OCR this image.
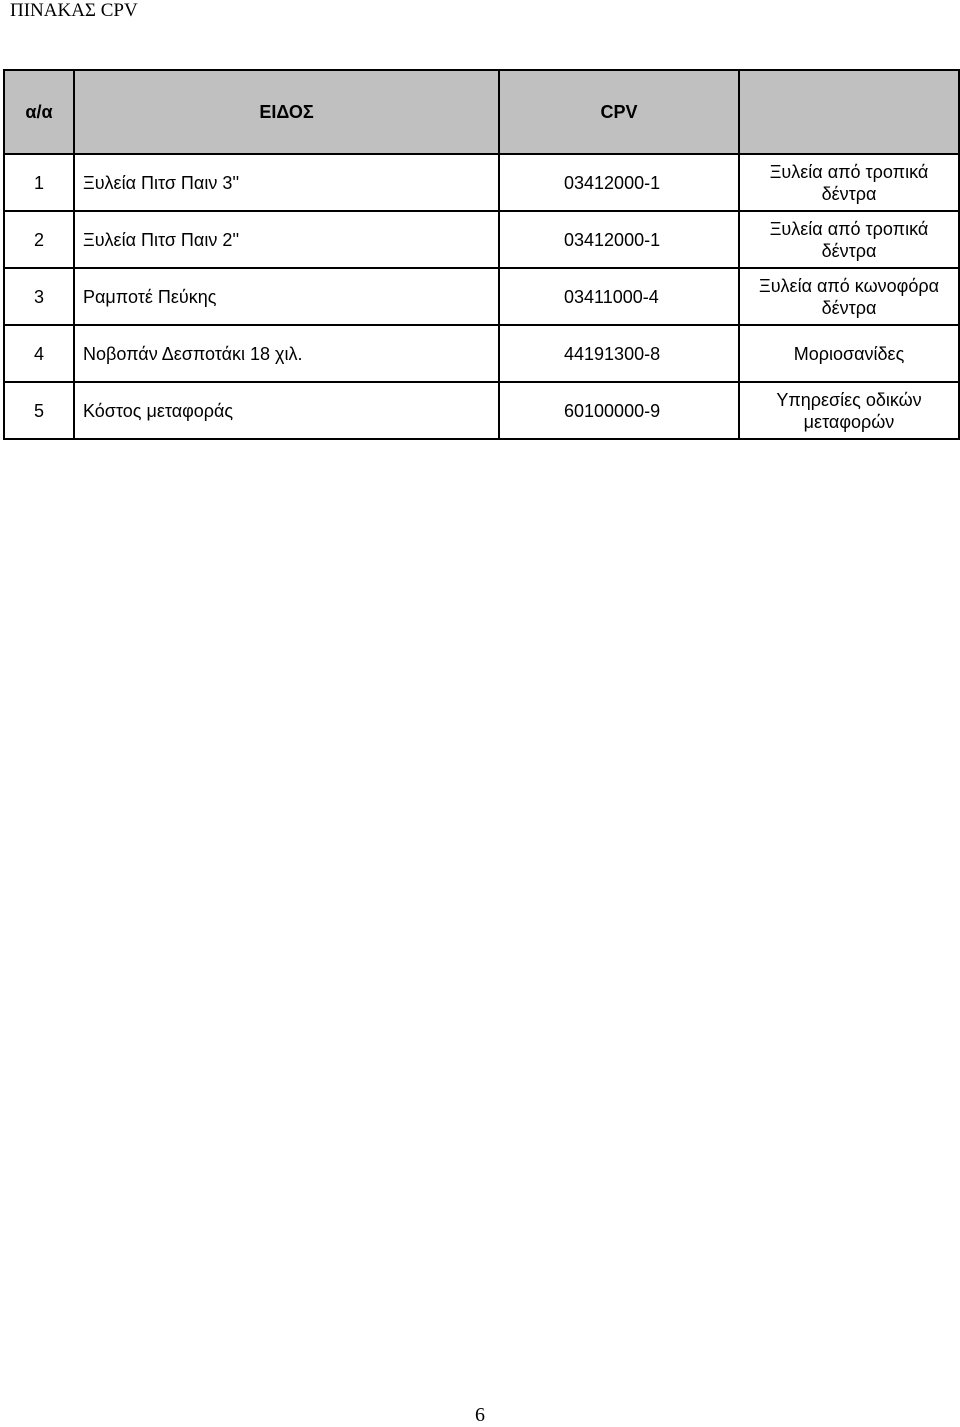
ΠΙΝΑΚΑΣ CPV
α/α	ΕΙΔΟΣ	CPV	
1	Ξυλεία Πιτσ Παιν 3''	03412000-1	Ξυλεία από τροπικά δέντρα
2	Ξυλεία Πιτσ Παιν 2''	03412000-1	Ξυλεία από τροπικά δέντρα
3	Ραμποτέ Πεύκης	03411000-4	Ξυλεία από κωνοφόρα δέντρα
4	Νοβοπάν Δεσποτάκι 18 χιλ.	44191300-8	Μοριοσανίδες
5	Κόστος μεταφοράς	60100000-9	Υπηρεσίες οδικών μεταφορών
6
